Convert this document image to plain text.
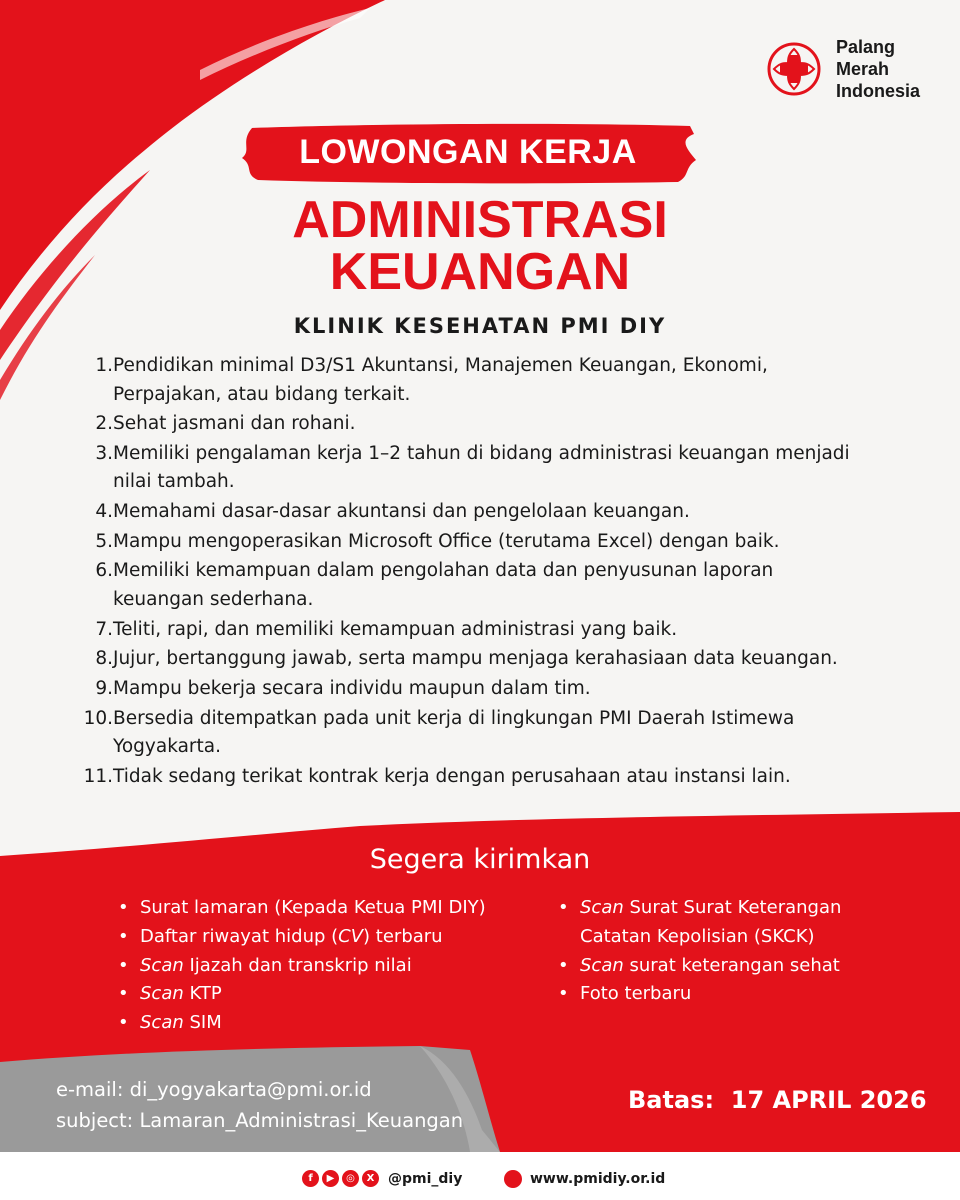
Palang
Merah
Indonesia
LOWONGAN KERJA
ADMINISTRASI
KEUANGAN
KLINIK KESEHATAN PMI DIY
1. Pendidikan minimal D3/S1 Akuntansi, Manajemen Keuangan, Ekonomi, Perpajakan, atau bidang terkait.
2. Sehat jasmani dan rohani.
3. Memiliki pengalaman kerja 1–2 tahun di bidang administrasi keuangan menjadi nilai tambah.
4. Memahami dasar-dasar akuntansi dan pengelolaan keuangan.
5. Mampu mengoperasikan Microsoft Office (terutama Excel) dengan baik.
6. Memiliki kemampuan dalam pengolahan data dan penyusunan laporan keuangan sederhana.
7. Teliti, rapi, dan memiliki kemampuan administrasi yang baik.
8. Jujur, bertanggung jawab, serta mampu menjaga kerahasiaan data keuangan.
9. Mampu bekerja secara individu maupun dalam tim.
10. Bersedia ditempatkan pada unit kerja di lingkungan PMI Daerah Istimewa Yogyakarta.
11. Tidak sedang terikat kontrak kerja dengan perusahaan atau instansi lain.
Segera kirimkan
• Surat lamaran (Kepada Ketua PMI DIY)
• Daftar riwayat hidup (CV) terbaru
• Scan Ijazah dan transkrip nilai
• Scan KTP
• Scan SIM
• Scan Surat Surat Keterangan Catatan Kepolisian (SKCK)
• Scan surat keterangan sehat
• Foto terbaru
e-mail: di_yogyakarta@pmi.or.id
subject: Lamaran_Administrasi_Keuangan
Batas:  17 APRIL 2026
f	▶	◎	X @pmi_diy	www.pmidiy.or.id
